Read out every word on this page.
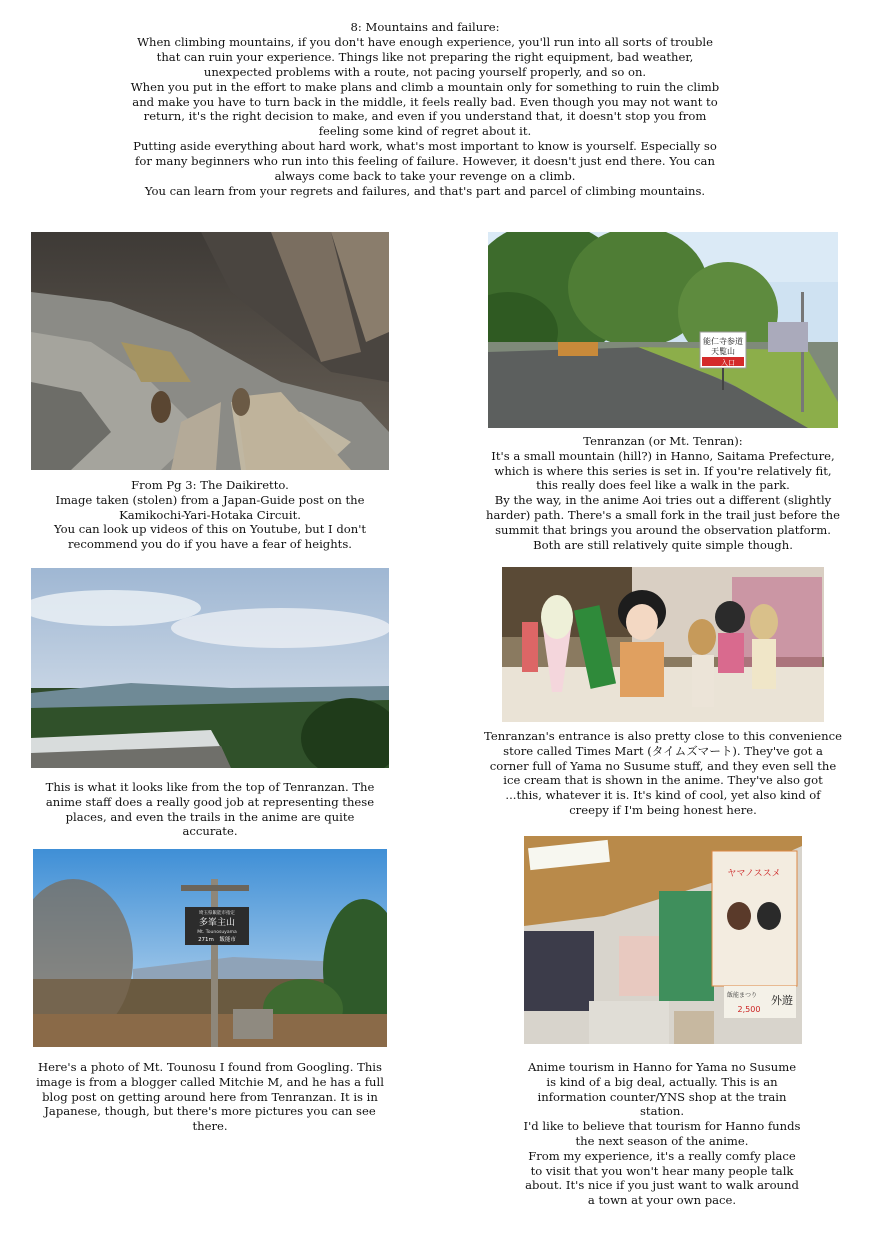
8: Mountains and failure:

When climbing mountains, if you don't have enough experience, you'll run into all sorts of trouble that can ruin your experience. Things like not preparing the right equipment, bad weather, unexpected problems with a route, not pacing yourself properly, and so on.

When you put in the effort to make plans and climb a mountain only for something to ruin the climb and make you have to turn back in the middle, it feels really bad. Even though you may not want to return, it's the right decision to make, and even if you understand that, it doesn't stop you from feeling some kind of regret about it.

Putting aside everything about hard work, what's most important to know is yourself. Especially so for many beginners who run into this feeling of failure. However, it doesn't just end there. You can always come back to take your revenge on a climb.

You can learn from your regrets and failures, and that's part and parcel of climbing mountains.

From Pg 3: The Daikiretto.

Image taken (stolen) from a Japan-Guide post on the Kamikochi-Yari-Hotaka Circuit.

You can look up videos of this on Youtube, but I don't recommend you do if you have a fear of heights.

能仁寺参道
天覧山
入口

Tenranzan (or Mt. Tenran):

It's a small mountain (hill?) in Hanno, Saitama Prefecture, which is where this series is set in. If you're relatively fit, this really does feel like a walk in the park.

By the way, in the anime Aoi tries out a different (slightly harder) path. There's a small fork in the trail just before the summit that brings you around the observation platform.

Both are still relatively quite simple though.

This is what it looks like from the top of Tenranzan. The anime staff does a really good job at representing these places, and even the trails in the anime are quite accurate.

Tenranzan's entrance is also pretty close to this convenience store called Times Mart (タイムズマート). They've got a corner full of Yama no Susume stuff, and they even sell the ice cream that is shown in the anime. They've also got ...this, whatever it is. It's kind of cool, yet also kind of creepy if I'm being honest here.

埼玉県飯能市指定
多峯主山
Mt. Tounosuyama
271m　飯能市

Here's a photo of Mt. Tounosu I found from Googling. This image is from a blogger called Mitchie M, and he has a full blog post on getting around here from Tenranzan. It is in Japanese, though, but there's more pictures you can see there.

ヤマノススメ
飯能まつり
2,500
外遊

Anime tourism in Hanno for Yama no Susume is kind of a big deal, actually. This is an information counter/YNS shop at the train station.

I'd like to believe that tourism for Hanno funds the next season of the anime.

From my experience, it's a really comfy place to visit that you won't hear many people talk about. It's nice if you just want to walk around a town at your own pace.
